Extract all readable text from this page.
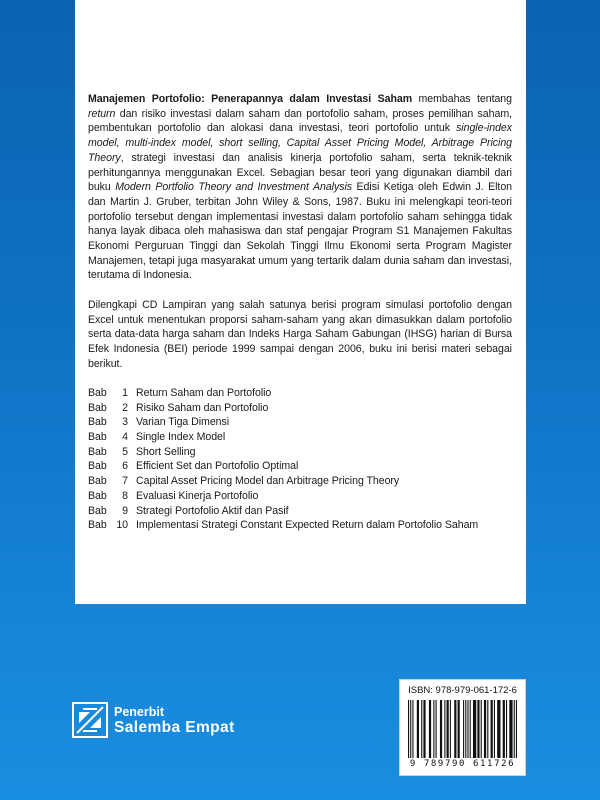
Manajemen Portofolio: Penerapannya dalam Investasi Saham membahas tentang return dan risiko investasi dalam saham dan portofolio saham, proses pemilihan saham, pembentukan portofolio dan alokasi dana investasi, teori portofolio untuk single-index model, multi-index model, short selling, Capital Asset Pricing Model, Arbitrage Pricing Theory, strategi investasi dan analisis kinerja portofolio saham, serta teknik-teknik perhitungannya menggunakan Excel. Sebagian besar teori yang digunakan diambil dari buku Modern Portfolio Theory and Investment Analysis Edisi Ketiga oleh Edwin J. Elton dan Martin J. Gruber, terbitan John Wiley & Sons, 1987. Buku ini melengkapi teori-teori portofolio tersebut dengan implementasi investasi dalam portofolio saham sehingga tidak hanya layak dibaca oleh mahasiswa dan staf pengajar Program S1 Manajemen Fakultas Ekonomi Perguruan Tinggi dan Sekolah Tinggi Ilmu Ekonomi serta Program Magister Manajemen, tetapi juga masyarakat umum yang tertarik dalam dunia saham dan investasi, terutama di Indonesia.

Dilengkapi CD Lampiran yang salah satunya berisi program simulasi portofolio dengan Excel untuk menentukan proporsi saham-saham yang akan dimasukkan dalam portofolio serta data-data harga saham dan Indeks Harga Saham Gabungan (IHSG) harian di Bursa Efek Indonesia (BEI) periode 1999 sampai dengan 2006, buku ini berisi materi sebagai berikut.

Bab	1 Return Saham dan Portofolio
Bab	2 Risiko Saham dan Portofolio
Bab	3 Varian Tiga Dimensi
Bab	4 Single Index Model
Bab	5 Short Selling
Bab	6 Efficient Set dan Portofolio Optimal
Bab	7 Capital Asset Pricing Model dan Arbitrage Pricing Theory
Bab	8 Evaluasi Kinerja Portofolio
Bab	9 Strategi Portofolio Aktif dan Pasif
Bab 10 Implementasi Strategi Constant Expected Return dalam Portofolio Saham
Penerbit
Salemba Empat
ISBN: 978-979-061-172-6
9 789790 611726
